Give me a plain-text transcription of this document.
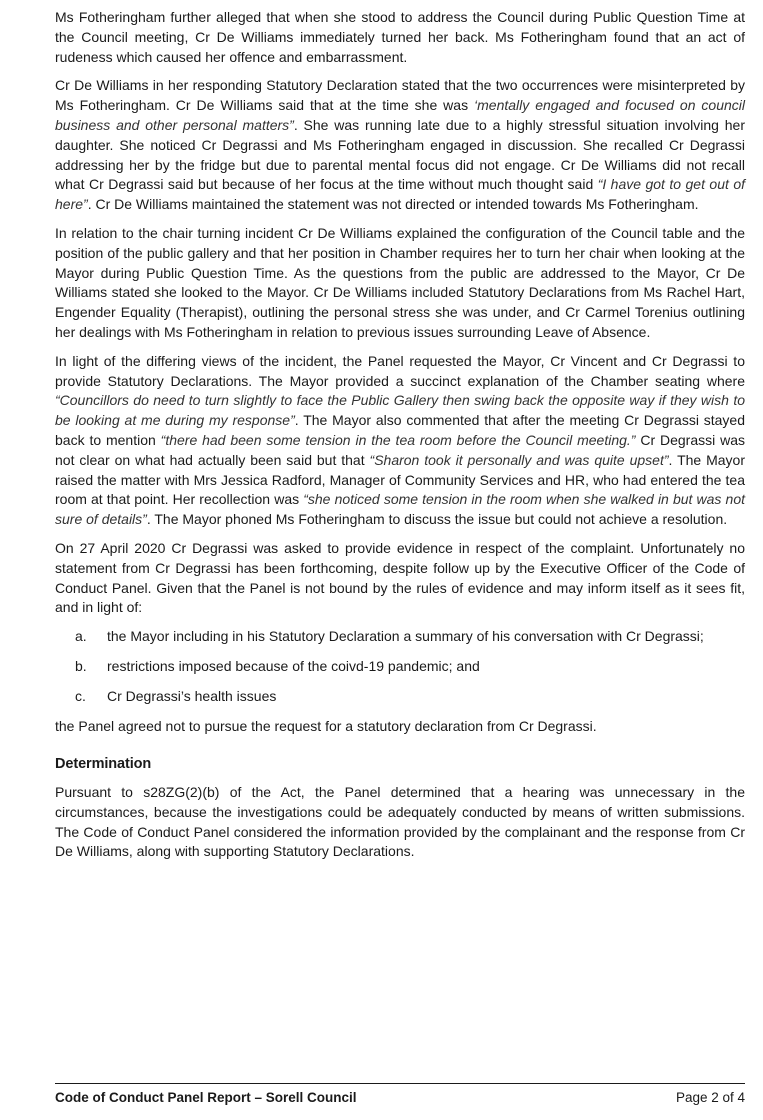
Ms Fotheringham further alleged that when she stood to address the Council during Public Question Time at the Council meeting, Cr De Williams immediately turned her back. Ms Fotheringham found that an act of rudeness which caused her offence and embarrassment.

Cr De Williams in her responding Statutory Declaration stated that the two occurrences were misinterpreted by Ms Fotheringham. Cr De Williams said that at the time she was ‘mentally engaged and focused on council business and other personal matters”. She was running late due to a highly stressful situation involving her daughter. She noticed Cr Degrassi and Ms Fotheringham engaged in discussion. She recalled Cr Degrassi addressing her by the fridge but due to parental mental focus did not engage. Cr De Williams did not recall what Cr Degrassi said but because of her focus at the time without much thought said “I have got to get out of here”. Cr De Williams maintained the statement was not directed or intended towards Ms Fotheringham.

In relation to the chair turning incident Cr De Williams explained the configuration of the Council table and the position of the public gallery and that her position in Chamber requires her to turn her chair when looking at the Mayor during Public Question Time. As the questions from the public are addressed to the Mayor, Cr De Williams stated she looked to the Mayor. Cr De Williams included Statutory Declarations from Ms Rachel Hart, Engender Equality (Therapist), outlining the personal stress she was under, and Cr Carmel Torenius outlining her dealings with Ms Fotheringham in relation to previous issues surrounding Leave of Absence.

In light of the differing views of the incident, the Panel requested the Mayor, Cr Vincent and Cr Degrassi to provide Statutory Declarations. The Mayor provided a succinct explanation of the Chamber seating where “Councillors do need to turn slightly to face the Public Gallery then swing back the opposite way if they wish to be looking at me during my response”. The Mayor also commented that after the meeting Cr Degrassi stayed back to mention “there had been some tension in the tea room before the Council meeting.” Cr Degrassi was not clear on what had actually been said but that “Sharon took it personally and was quite upset”. The Mayor raised the matter with Mrs Jessica Radford, Manager of Community Services and HR, who had entered the tea room at that point. Her recollection was “she noticed some tension in the room when she walked in but was not sure of details”. The Mayor phoned Ms Fotheringham to discuss the issue but could not achieve a resolution.

On 27 April 2020 Cr Degrassi was asked to provide evidence in respect of the complaint. Unfortunately no statement from Cr Degrassi has been forthcoming, despite follow up by the Executive Officer of the Code of Conduct Panel. Given that the Panel is not bound by the rules of evidence and may inform itself as it sees fit, and in light of:

a. the Mayor including in his Statutory Declaration a summary of his conversation with Cr Degrassi;
b. restrictions imposed because of the coivd-19 pandemic; and
c. Cr Degrassi’s health issues

the Panel agreed not to pursue the request for a statutory declaration from Cr Degrassi.

Determination

Pursuant to s28ZG(2)(b) of the Act, the Panel determined that a hearing was unnecessary in the circumstances, because the investigations could be adequately conducted by means of written submissions. The Code of Conduct Panel considered the information provided by the complainant and the response from Cr De Williams, along with supporting Statutory Declarations.

Code of Conduct Panel Report – Sorell Council	Page 2 of 4
